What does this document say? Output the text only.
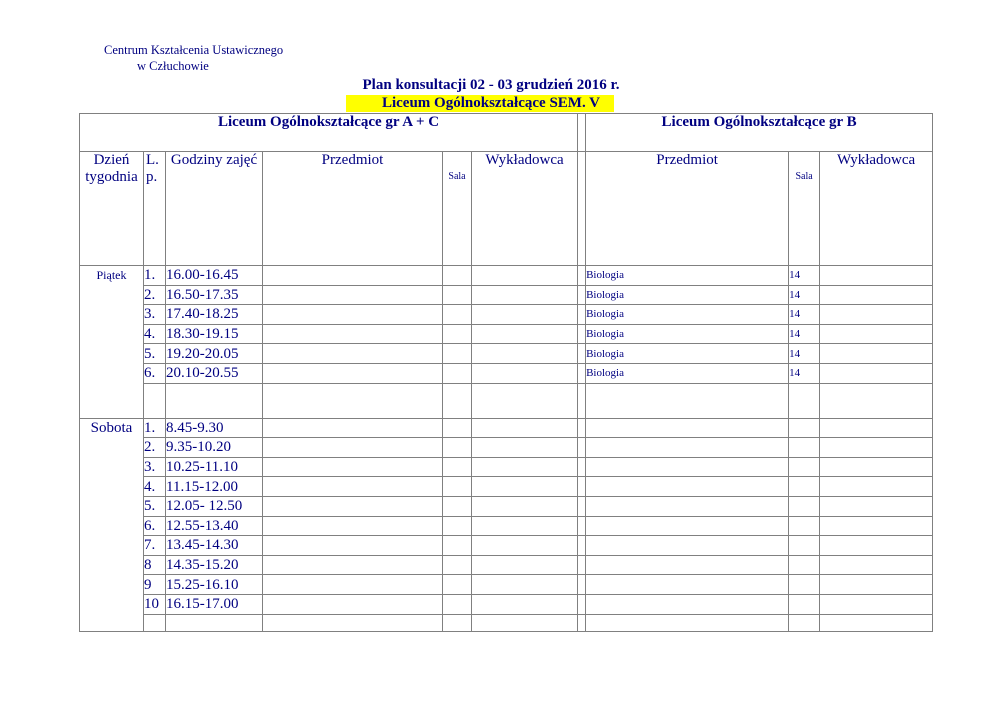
Centrum Kształcenia Ustawicznego
w Człuchowie
Plan konsultacji 02 - 03 grudzień 2016 r.
Liceum Ogólnokształcące SEM. V
Liceum Ogólnokształcące gr A + C							Liceum Ogólnokształcące gr B		
Dzień tygodnia	L. p.	Godziny zajęć	Przedmiot	Sala	Wykładowca		Przedmiot	Sala	Wykładowca
Piątek	1.	16.00-16.45					Biologia	14	
	2.	16.50-17.35					Biologia	14	
	3.	17.40-18.25					Biologia	14	
	4.	18.30-19.15					Biologia	14	
	5.	19.20-20.05					Biologia	14	
	6.	20.10-20.55					Biologia	14	

Sobota	1.	8.45-9.30							
	2.	9.35-10.20							
	3.	10.25-11.10							
	4.	11.15-12.00							
	5.	12.05- 12.50							
	6.	12.55-13.40							
	7.	13.45-14.30							
	8	14.35-15.20							
	9	15.25-16.10							
	10	16.15-17.00							
